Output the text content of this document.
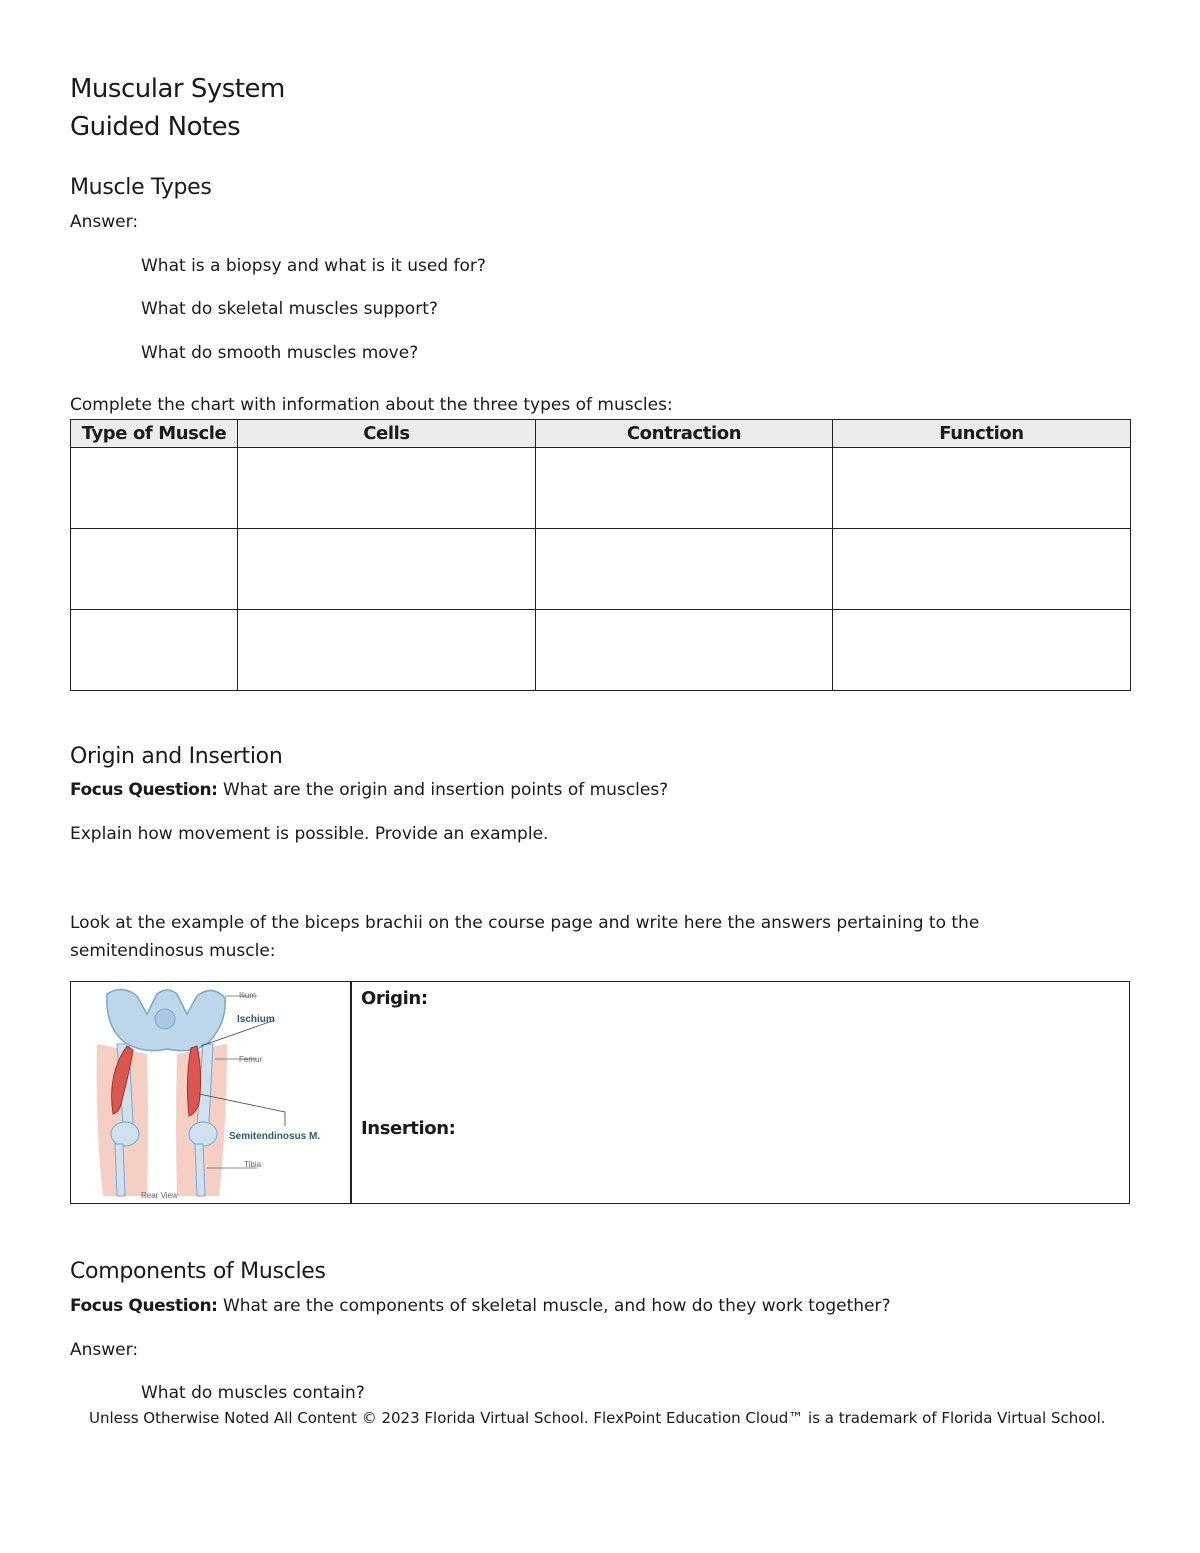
Muscular System
Guided Notes
Muscle Types
Answer:
What is a biopsy and what is it used for?
What do skeletal muscles support?
What do smooth muscles move?
Complete the chart with information about the three types of muscles:
Type of Muscle	Cells	Contraction	Function

Origin and Insertion
Focus Question: What are the origin and insertion points of muscles?
Explain how movement is possible. Provide an example.
Look at the example of the biceps brachii on the course page and write here the answers pertaining to the
semitendinosus muscle:
Ilium
Ischium
Femur
Semitendinosus M.
Tibia
Rear View
Origin:
Insertion:
Components of Muscles
Focus Question: What are the components of skeletal muscle, and how do they work together?
Answer:
What do muscles contain?
Unless Otherwise Noted All Content © 2023 Florida Virtual School. FlexPoint Education Cloud™ is a trademark of Florida Virtual School.
